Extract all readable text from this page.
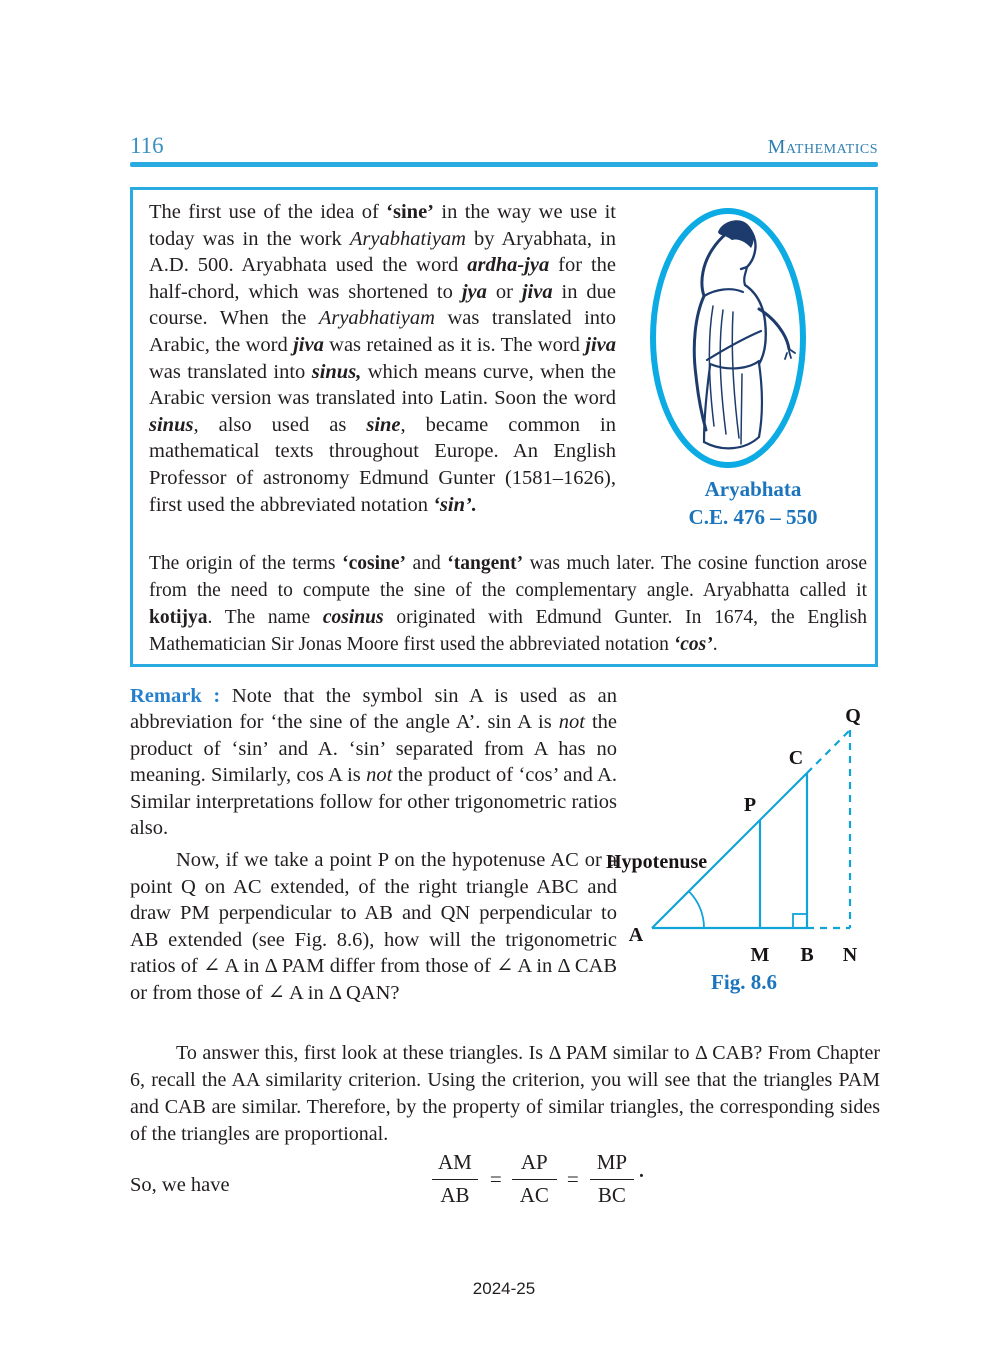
116	Mathematics

The first use of the idea of ‘sine’ in the way we use it today was in the work Aryabhatiyam by Aryabhata, in A.D. 500. Aryabhata used the word ardha-jya for the half-chord, which was shortened to jya or jiva in due course. When the Aryabhatiyam was translated into Arabic, the word jiva was retained as it is. The word jiva was translated into sinus, which means curve, when the Arabic version was translated into Latin. Soon the word sinus, also used as sine, became common in mathematical texts throughout Europe. An English Professor of astronomy Edmund Gunter (1581–1626), first used the abbreviated notation ‘sin’.

Aryabhata
C.E. 476 – 550

The origin of the terms ‘cosine’ and ‘tangent’ was much later. The cosine function arose from the need to compute the sine of the complementary angle. Aryabhatta called it kotijya. The name cosinus originated with Edmund Gunter. In 1674, the English Mathematician Sir Jonas Moore first used the abbreviated notation ‘cos’.

Remark : Note that the symbol sin A is used as an abbreviation for ‘the sine of the angle A’. sin A is not the product of ‘sin’ and A. ‘sin’ separated from A has no meaning. Similarly, cos A is not the product of ‘cos’ and A. Similar interpretations follow for other trigonometric ratios also.

Now, if we take a point P on the hypotenuse AC or a point Q on AC extended, of the right triangle ABC and draw PM perpendicular to AB and QN perpendicular to AB extended (see Fig. 8.6), how will the trigonometric ratios of ∠ A in Δ PAM differ from those of ∠ A in Δ CAB or from those of ∠ A in Δ QAN?

Q
C
P
A
M B N
Hypotenuse
Fig. 8.6

To answer this, first look at these triangles. Is Δ PAM similar to Δ CAB? From Chapter 6, recall the AA similarity criterion. Using the criterion, you will see that the triangles PAM and CAB are similar. Therefore, by the property of similar triangles, the corresponding sides of the triangles are proportional.

So, we have	$\frac{AM}{AB} = \frac{AP}{AC} = \frac{MP}{BC}$ ·
2024-25
